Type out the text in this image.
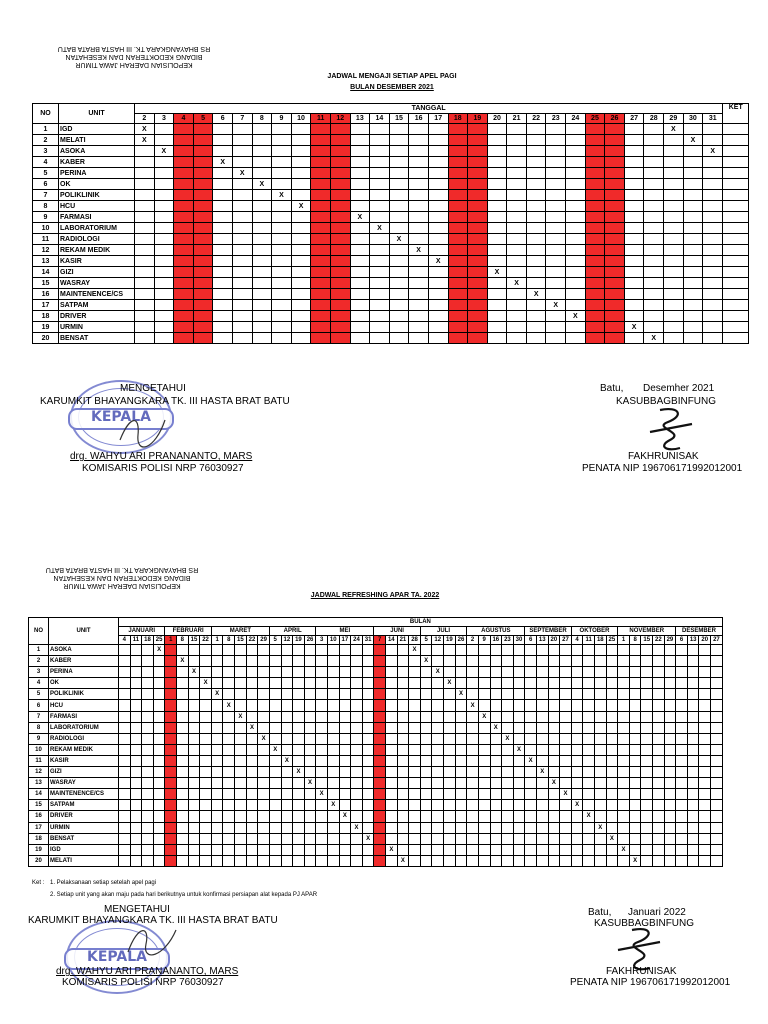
KEPOLISIAN DAERAH JAWA TIMUR
BIDANG KEDOKTERAN DAN KESEHATAN
RS BHAYANGKARA TK. III HASTA BRATA BATU
JADWAL MENGAJI SETIAP APEL PAGI
BULAN DESEMBER 2021
NO	UNIT	TANGGAL																														KET
		2	3	4	5	6	7	8	9	10	11	12	13	14	15	16	17	18	19	20	21	22	23	24	25	26	27	28	29	30	31	
1	IGD	X																											X			
2	MELATI	X																												X		
3	ASOKA		X																												X	
4	KABER					X																										
5	PERINA						X																									
6	OK							X																								
7	POLIKLINIK								X																							
8	HCU									X																						
9	FARMASI												X																			
10	LABORATORIUM													X																		
11	RADIOLOGI														X																	
12	REKAM MEDIK															X																
13	KASIR																X															
14	GIZI																			X												
15	WASRAY																				X											
16	MAINTENENCE/CS																					X										
17	SATPAM																						X									
18	DRIVER																							X								
19	URMIN																										X					
20	BENSAT																											X				
KEPALA
MENGETAHUI
KARUMKIT BHAYANGKARA TK. III HASTA BRAT BATU
drg. WAHYU ARI PRANANANTO, MARS
KOMISARIS POLISI NRP 76030927
Batu, Desemher 2021
KASUBBAGBINFUNG
FAKHRUNISAK
PENATA NIP 196706171992012001
KEPOLISIAN DAERAH JAWA TIMUR
BIDANG KEDOKTERAN DAN KESEHATAN
RS BHAYANGKARA TK. III HASTA BRATA BATU
JADWAL REFRESHING APAR TA. 2022
NO	UNIT	BULAN																																																			
		JANUARI				FEBRUARI				MARET					APRIL				MEI					JUNI				JULI				AGUSTUS					SEPTEMBER				OKTOBER				NOVEMBER					DESEMBER			
		4	11	18	25	1	8	15	22	1	8	15	22	29	5	12	19	26	3	10	17	24	31	7	14	21	28	5	12	19	26	2	9	16	23	30	6	13	20	27	4	11	18	25	1	8	15	22	29	6	13	20	27
1	ASOKA				X																						X																										
2	KABER						X																					X																									
3	PERINA							X																					X																								
4	OK								X																					X																							
5	POLIKLINIK									X																					X																						
6	HCU										X																					X																					
7	FARMASI											X																					X																				
8	LABORATORIUM												X																					X																			
9	RADIOLOGI													X																					X																		
10	REKAM MEDIK														X																					X																	
11	KASIR															X																					X																
12	GIZI																X																					X															
13	WASRAY																	X																					X														
14	MAINTENENCE/CS																		X																					X													
15	SATPAM																			X																					X												
16	DRIVER																				X																					X											
17	URMIN																					X																					X										
18	BENSAT																						X																					X									
19	IGD																								X																				X								
20	MELATI																									X																				X							
Ket : 1. Pelaksanaan setiap setelah apel pagi
2. Setiap unit yang akan maju pada hari berikutnya untuk konfirmasi persiapan alat kepada PJ APAR
KEPALA
MENGETAHUI
KARUMKIT BHAYANGKARA TK. III HASTA BRAT BATU
drg. WAHYU ARI PRANANANTO, MARS
KOMISARIS POLISI NRP 76030927
Batu, Januari 2022
KASUBBAGBINFUNG
FAKHRUNISAK
PENATA NIP 196706171992012001
